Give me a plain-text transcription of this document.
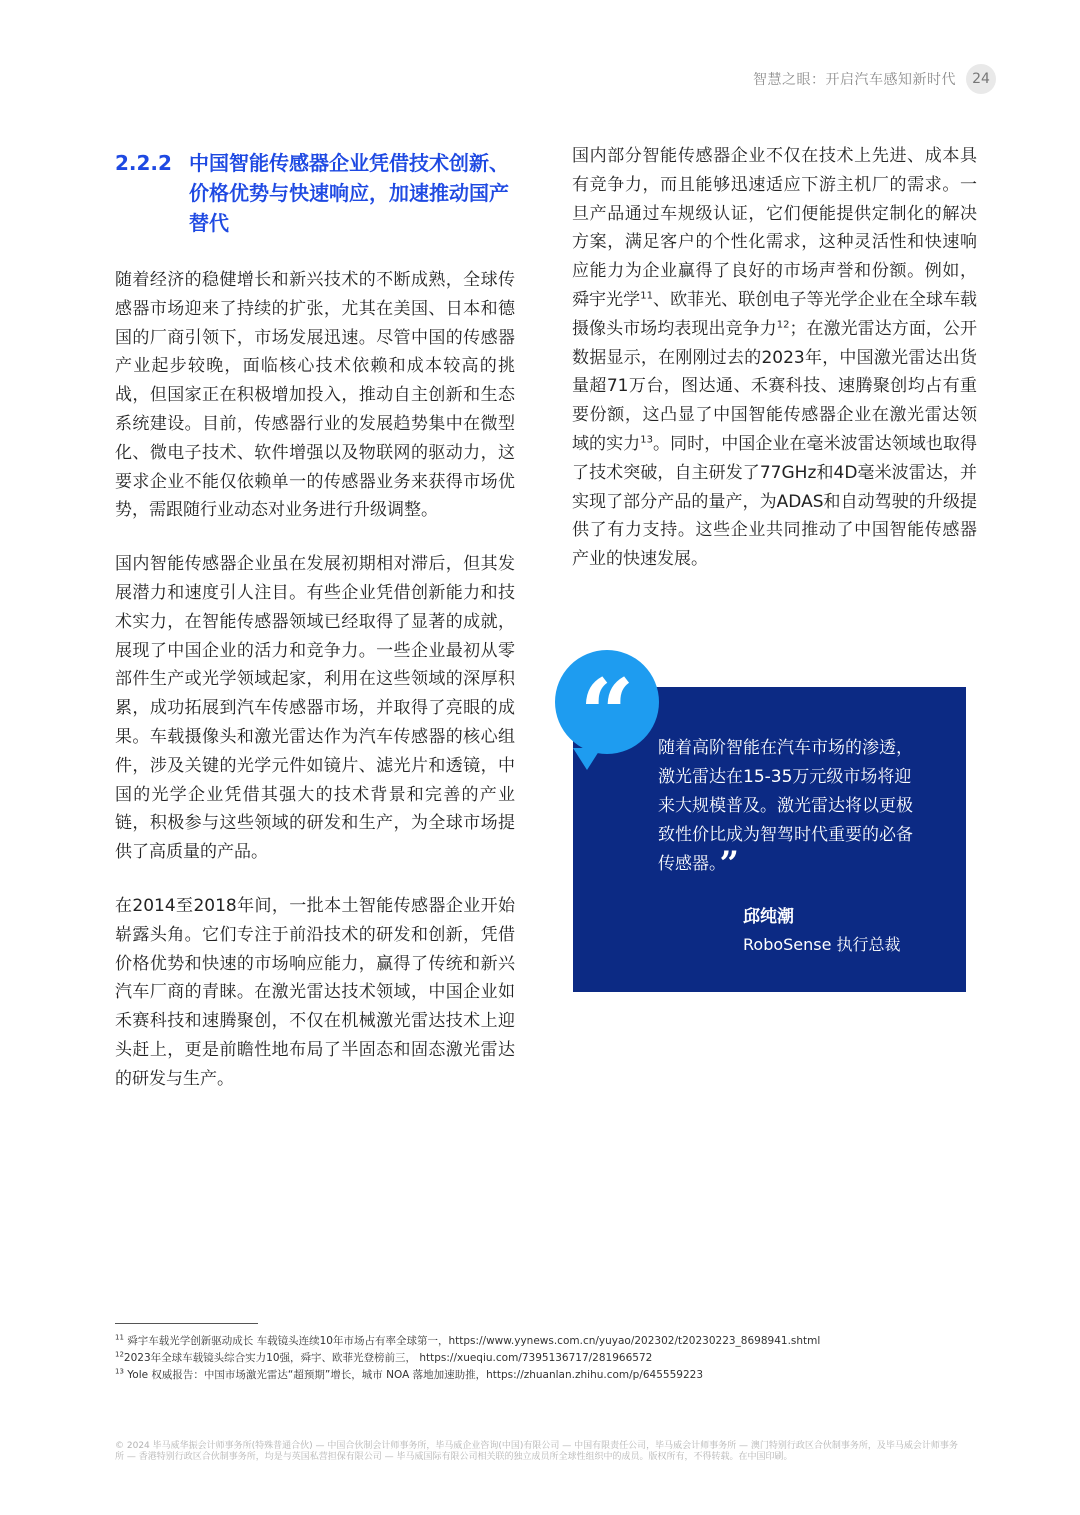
智慧之眼：开启汽车感知新时代	24
2.2.2 中国智能传感器企业凭借技术创新、价格优势与快速响应，加速推动国产替代

随着经济的稳健增长和新兴技术的不断成熟，全球传感器市场迎来了持续的扩张，尤其在美国、日本和德国的厂商引领下，市场发展迅速。尽管中国的传感器产业起步较晚，面临核心技术依赖和成本较高的挑战，但国家正在积极增加投入，推动自主创新和生态系统建设。目前，传感器行业的发展趋势集中在微型化、微电子技术、软件增强以及物联网的驱动力，这要求企业不能仅依赖单一的传感器业务来获得市场优势，需跟随行业动态对业务进行升级调整。

国内智能传感器企业虽在发展初期相对滞后，但其发展潜力和速度引人注目。有些企业凭借创新能力和技术实力，在智能传感器领域已经取得了显著的成就，展现了中国企业的活力和竞争力。一些企业最初从零部件生产或光学领域起家，利用在这些领域的深厚积累，成功拓展到汽车传感器市场，并取得了亮眼的成果。车载摄像头和激光雷达作为汽车传感器的核心组件，涉及关键的光学元件如镜片、滤光片和透镜，中国的光学企业凭借其强大的技术背景和完善的产业链，积极参与这些领域的研发和生产，为全球市场提供了高质量的产品。

在2014至2018年间，一批本土智能传感器企业开始崭露头角。它们专注于前沿技术的研发和创新，凭借价格优势和快速的市场响应能力，赢得了传统和新兴汽车厂商的青睐。在激光雷达技术领域，中国企业如禾赛科技和速腾聚创，不仅在机械激光雷达技术上迎头赶上，更是前瞻性地布局了半固态和固态激光雷达的研发与生产。

国内部分智能传感器企业不仅在技术上先进、成本具有竞争力，而且能够迅速适应下游主机厂的需求。一旦产品通过车规级认证，它们便能提供定制化的解决方案，满足客户的个性化需求，这种灵活性和快速响应能力为企业赢得了良好的市场声誉和份额。例如，舜宇光学$^{11}$、欧菲光、联创电子等光学企业在全球车载摄像头市场均表现出竞争力$^{12}$；在激光雷达方面，公开数据显示，在刚刚过去的2023年，中国激光雷达出货量超71万台，图达通、禾赛科技、速腾聚创均占有重要份额，这凸显了中国智能传感器企业在激光雷达领域的实力$^{13}$。同时，中国企业在毫米波雷达领域也取得了技术突破，自主研发了77GHz和4D毫米波雷达，并实现了部分产品的量产，为ADAS和自动驾驶的升级提供了有力支持。这些企业共同推动了中国智能传感器产业的快速发展。

随着高阶智能在汽车市场的渗透，激光雷达在15-35万元级市场将迎来大规模普及。激光雷达将以更极致性价比成为智驾时代重要的必备传感器。”

邱纯潮

RoboSense 执行总裁

“

$^{11}$ 舜宇车载光学创新驱动成长 车载镜头连续10年市场占有率全球第一，https://www.yynews.com.cn/yuyao/202302/t20230223_8698941.shtml

$^{12}$2023年全球车载镜头综合实力10强，舜宇、欧菲光登榜前三， https://xueqiu.com/7395136717/281966572

$^{13}$ Yole 权威报告：中国市场激光雷达“超预期”增长，城市 NOA 落地加速助推，https://zhuanlan.zhihu.com/p/645559223

© 2024 毕马威华振会计师事务所(特殊普通合伙) — 中国合伙制会计师事务所，毕马威企业咨询(中国)有限公司 — 中国有限责任公司，毕马威会计师事务所 — 澳门特别行政区合伙制事务所，及毕马威会计师事务所 — 香港特别行政区合伙制事务所，均是与英国私营担保有限公司 — 毕马威国际有限公司相关联的独立成员所全球性组织中的成员。版权所有，不得转载。在中国印刷。
